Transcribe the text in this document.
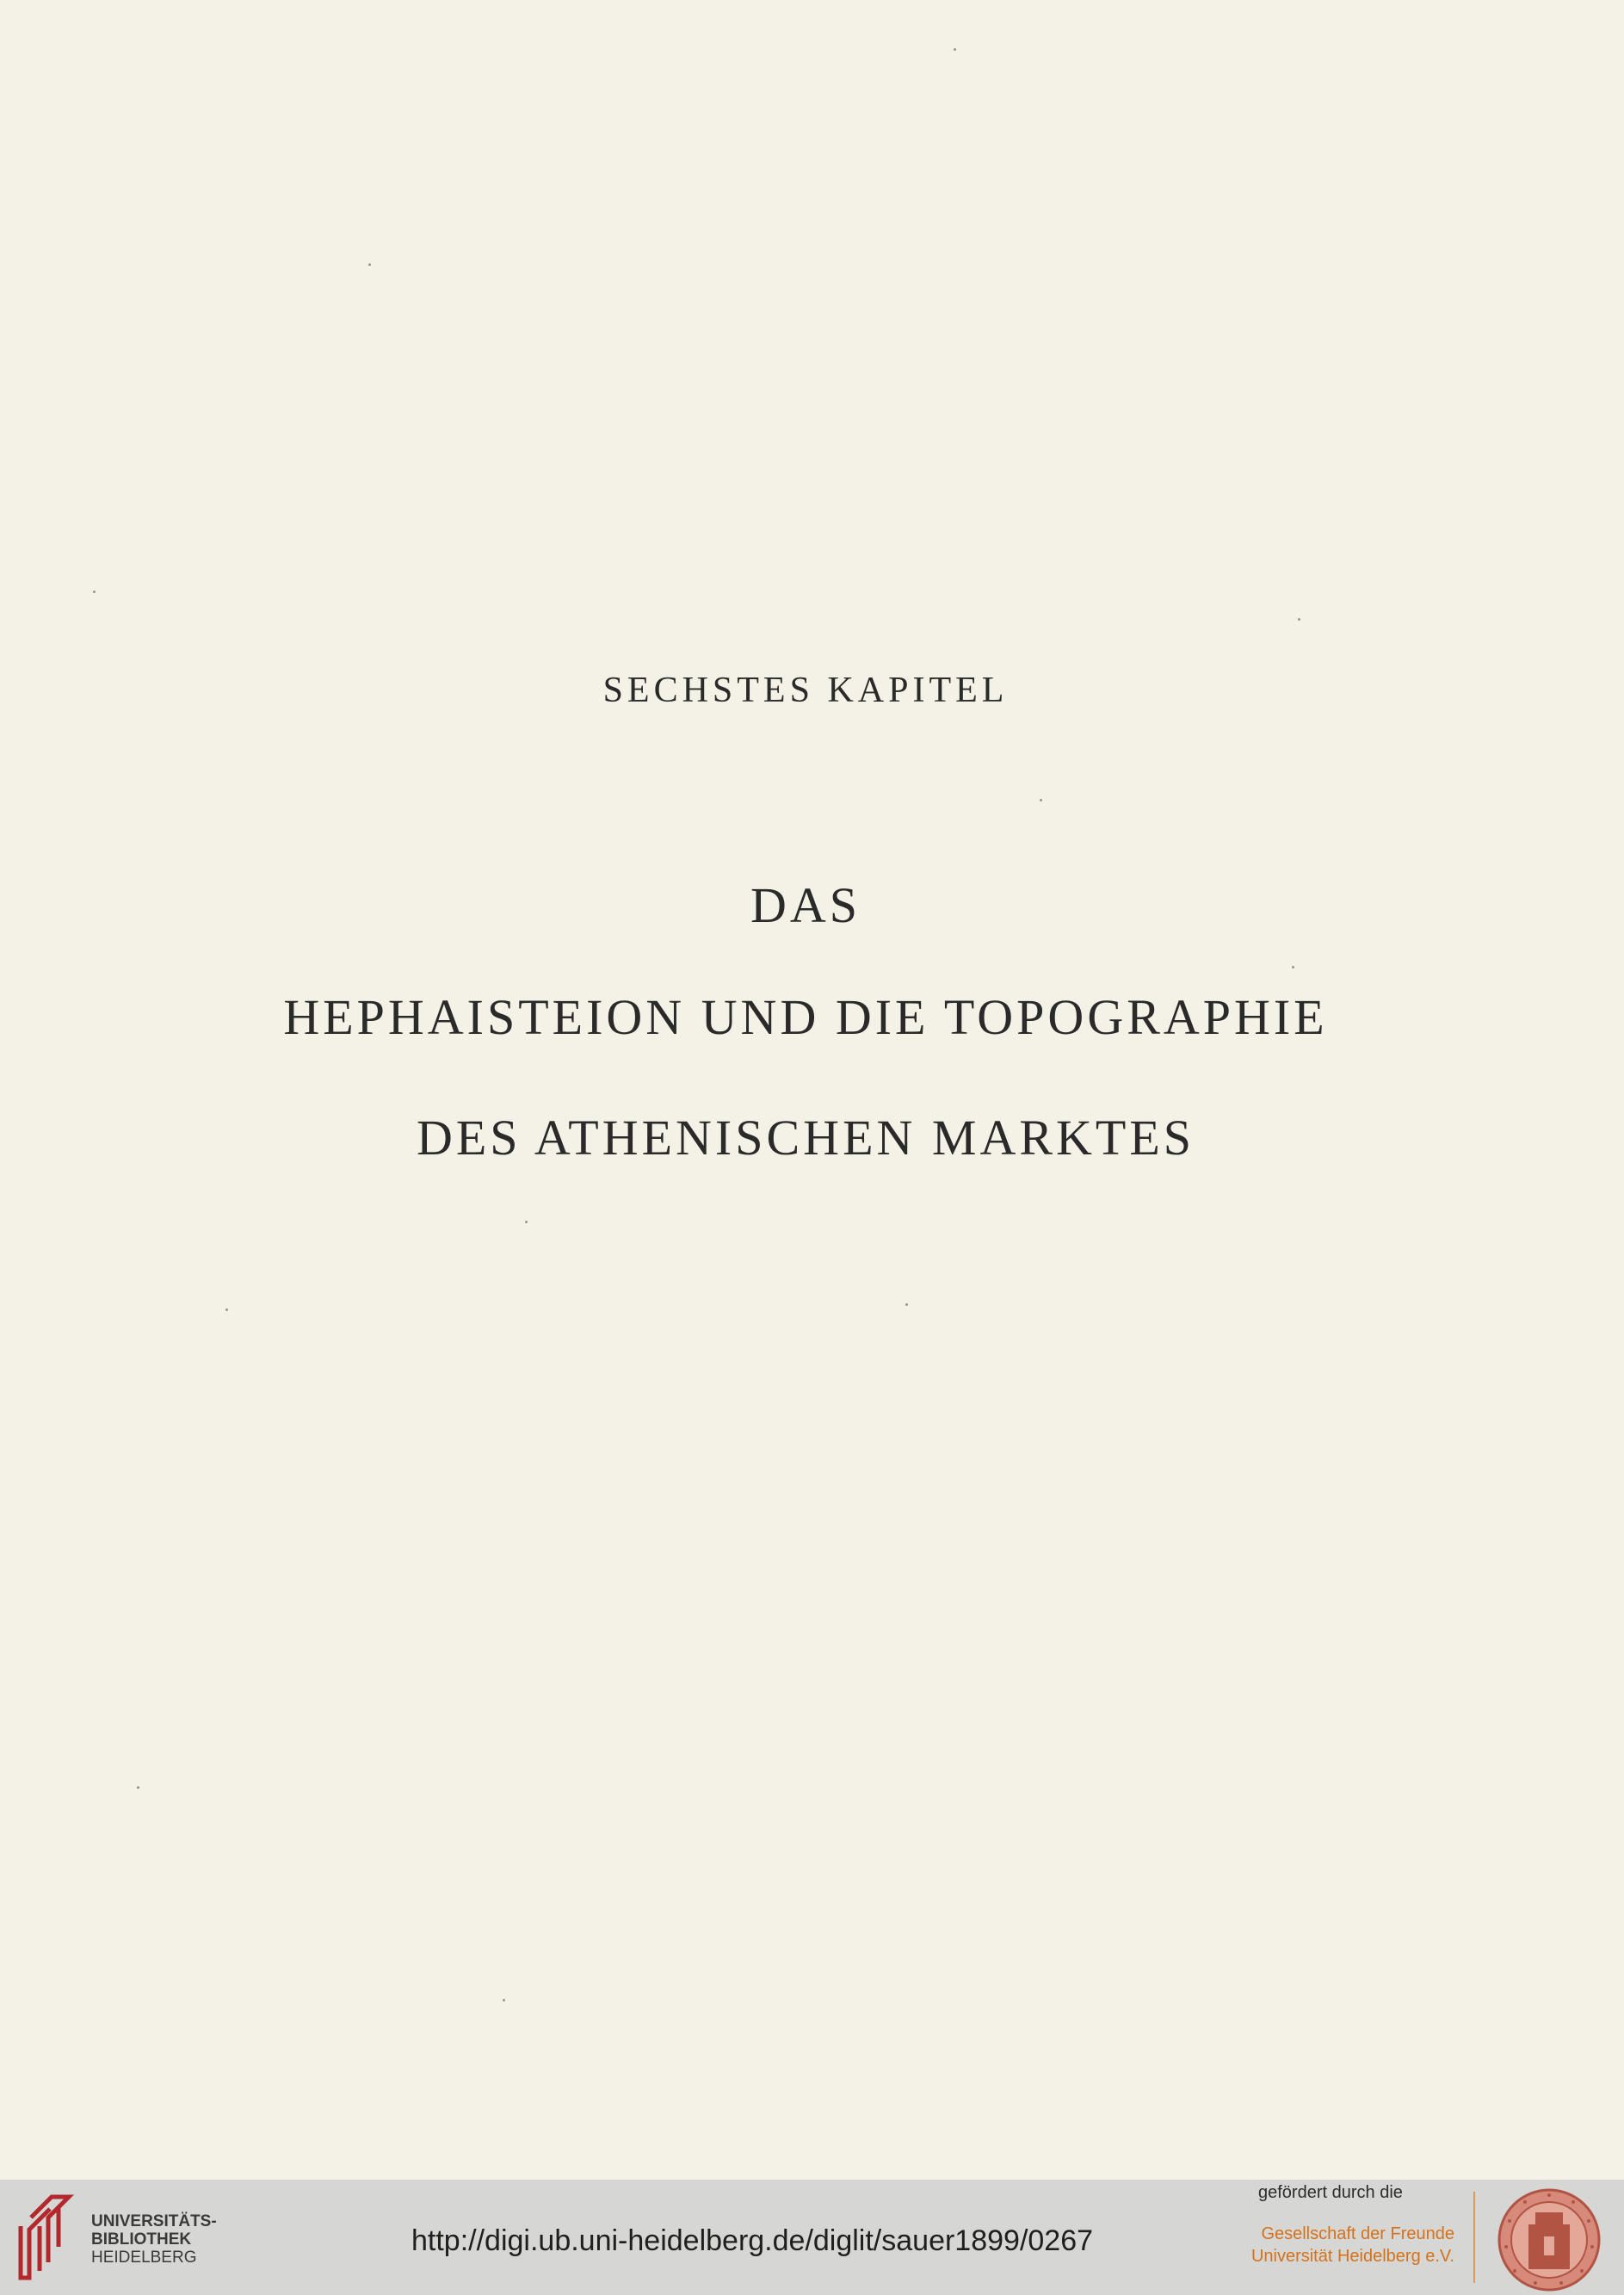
SECHSTES KAPITEL
DAS
HEPHAISTEION UND DIE TOPOGRAPHIE
DES ATHENISCHEN MARKTES
UNIVERSITÄTS-
BIBLIOTHEK
HEIDELBERG
http://digi.ub.uni-heidelberg.de/diglit/sauer1899/0267
gefördert durch die
Gesellschaft der Freunde
Universität Heidelberg e.V.
